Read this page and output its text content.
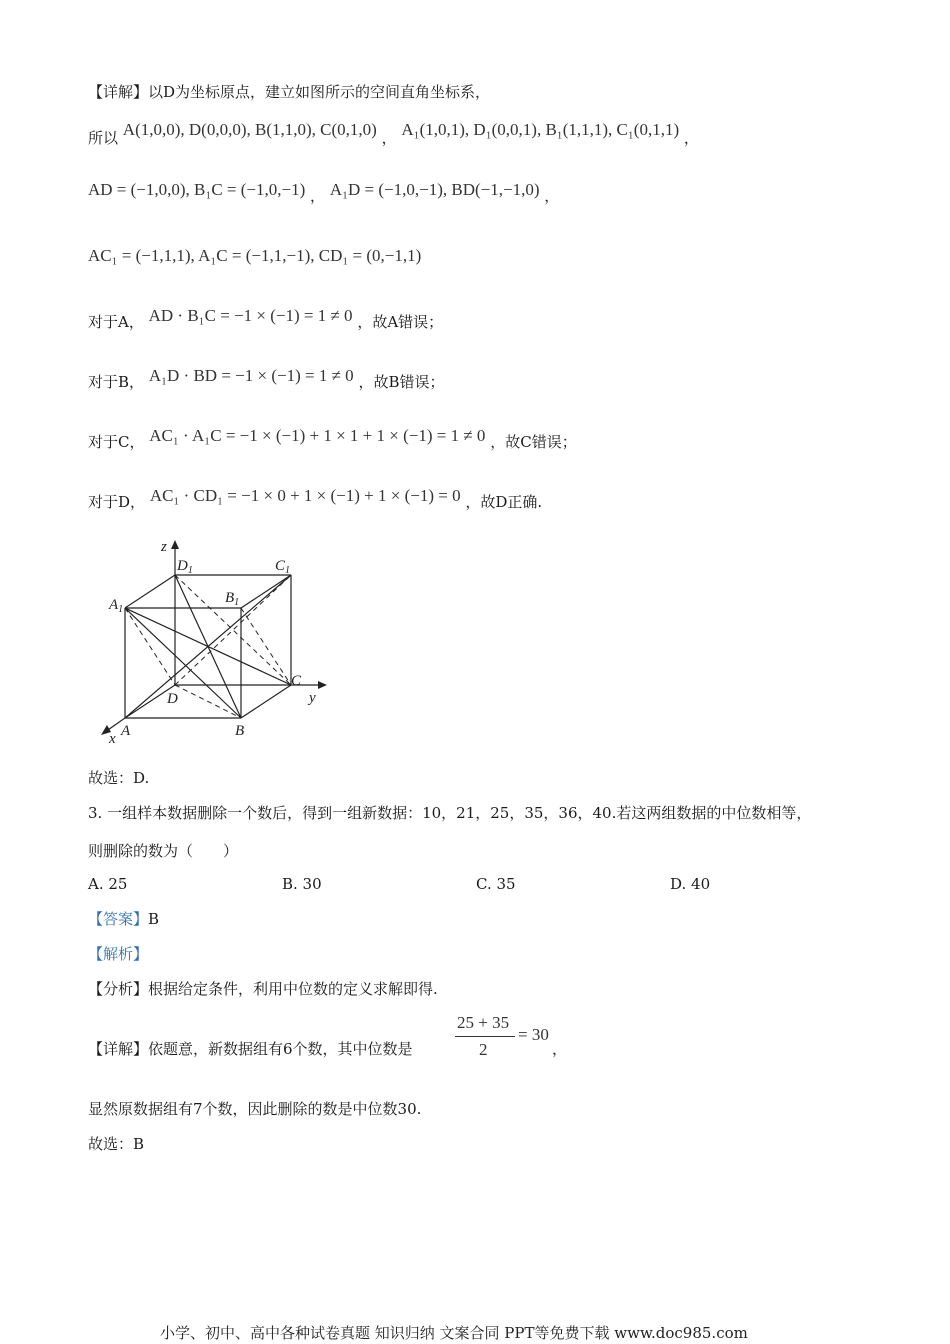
【详解】以D为坐标原点，建立如图所示的空间直角坐标系，
所以 A(1,0,0), D(0,0,0), B(1,1,0), C(0,1,0) ， A₁(1,0,1), D₁(0,0,1), B₁(1,1,1), C₁(0,1,1) ，
AD = (−1,0,0), B₁C = (−1,0,−1) ， A₁D = (−1,0,−1), BD(−1,−1,0) ，
AC₁ = (−1,1,1), A₁C = (−1,1,−1), CD₁ = (0,−1,1)
对于A， AD · B₁C = −1 × (−1) = 1 ≠ 0 ，故A错误；
对于B， A₁D · BD = −1 × (−1) = 1 ≠ 0 ，故B错误；
对于C， AC₁ · A₁C = −1 × (−1) + 1 × 1 + 1 × (−1) = 1 ≠ 0 ，故C错误；
对于D， AC₁ · CD₁ = −1 × 0 + 1 × (−1) + 1 × (−1) = 0 ，故D正确.
z
y
x A	B
C
D
$A_1$
$B_1$
$C_1$
$D_1$
故选：D.
3. 一组样本数据删除一个数后，得到一组新数据：10，21，25，35，36，40.若这两组数据的中位数相等，
则删除的数为（　　）
A. 25	B. 30	C. 35	D. 40
【答案】B
【解析】
【分析】根据给定条件，利用中位数的定义求解即得.
【详解】依题意，新数据组有6个数，其中位数是
25 + 35
2
= 30
，
显然原数据组有7个数，因此删除的数是中位数30.
故选：B
小学、初中、高中各种试卷真题 知识归纳 文案合同 PPT等免费下载 www.doc985.com
